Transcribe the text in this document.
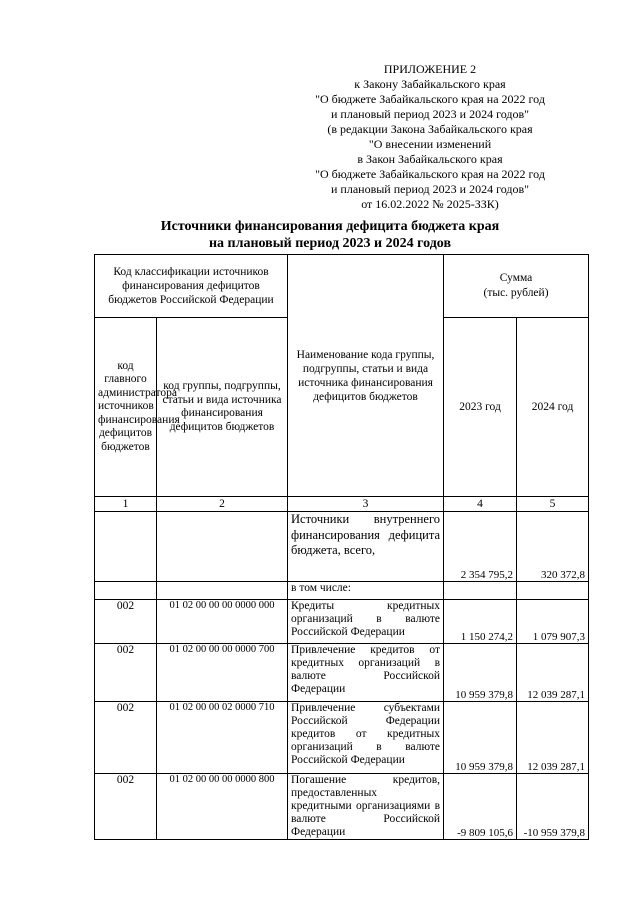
ПРИЛОЖЕНИЕ 2
к Закону Забайкальского края
"О бюджете Забайкальского края на 2022 год
и плановый период 2023 и 2024 годов"
(в редакции Закона Забайкальского края
"О внесении изменений
в Закон Забайкальского края
"О бюджете Забайкальского края на 2022 год
и плановый период 2023 и 2024 годов"
от 16.02.2022 № 2025-ЗЗК)
Источники финансирования дефицита бюджета края
на плановый период 2023 и 2024 годов
Код классификации источников финансирования дефицитов бюджетов Российской Федерации		Наименование кода группы, подгруппы, статьи и вида источника финансирования дефицитов бюджетов	Сумма
(тыс. рублей)	

код главного администратора источников финансирования дефицитов бюджетов	код группы, подгруппы, статьи и вида источника финансирования дефицитов бюджетов		2023 год	2024 год
1	2	3	4	5
		Источники внутреннего финансирования дефицита бюджета, всего,	2 354 795,2	320 372,8
		в том числе:		
002	01 02 00 00 00 0000 000	Кредиты кредитных организаций в валюте Российской Федерации	1 150 274,2	1 079 907,3
002	01 02 00 00 00 0000 700	Привлечение кредитов от кредитных организаций в валюте Российской Федерации	10 959 379,8	12 039 287,1
002	01 02 00 00 02 0000 710	Привлечение субъектами Российской Федерации кредитов от кредитных организаций в валюте Российской Федерации	10 959 379,8	12 039 287,1
002	01 02 00 00 00 0000 800	Погашение кредитов, предоставленных кредитными организациями в валюте Российской Федерации	-9 809 105,6	-10 959 379,8
